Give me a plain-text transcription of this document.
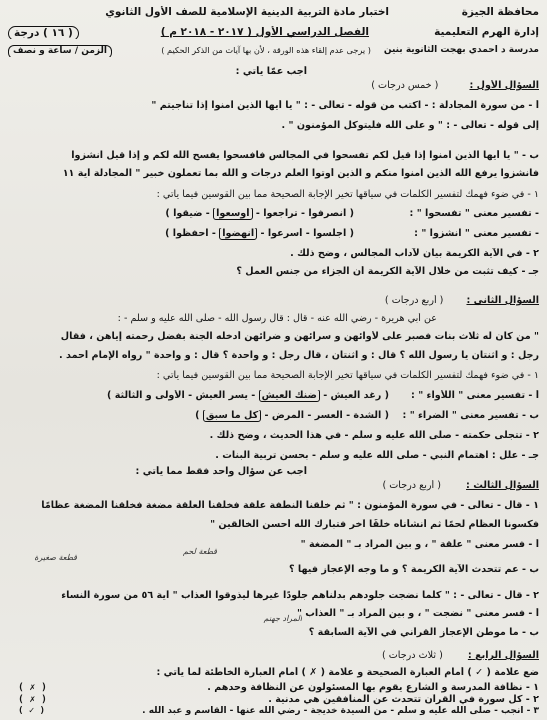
محافظة الجيزة
اختبار مادة التربية الدينية الإسلامية للصف الأول الثانوي
إدارة الهرم التعليمية
الفصل الدراسي الأول ( ٢٠١٧ - ٢٠١٨ م )
( ١٦ ) درجة
مدرسة د أحمدي بهجت الثانوية بنين
( يرجى عدم إلقاء هذه الورقة ، لأن بها آيات من الذكر الحكيم )
الزمن / ساعة و نصف
السؤال الأول : ( خمس درجات )
أجب عمّا يأتي :
أ - من سورة المجادلة : - اكتب من قوله - تعالى - : " يا أيها الذين آمنوا إذا تناجيتم "
إلى قوله - تعالى - : " و على الله فليتوكل المؤمنون " .
ب - " يا أيها الذين آمنوا إذا قيل لكم تفسحوا في المجالس فافسحوا يفسح الله لكم و إذا قيل انشزوا
فانشزوا يرفع الله الذين آمنوا منكم و الذين أوتوا العلم درجات و الله بما تعملون خبير " المجادلة آية ١١
١ - في ضوء فهمك لتفسير الكلمات في سياقها تخير الإجابة الصحيحة مما بين القوسين فيما يأتي :
- تفسير معنى " تفسحوا " :
( انصرفوا - تراجعوا - أوسعوا - ضيقوا )
- تفسير معنى " انشزوا " :
( اجلسوا - أسرعوا - انهضوا - احفظوا )
٢ - في الآية الكريمة بيان لآداب المجالس ، وضح ذلك .
جـ - كيف تثبت من خلال الآية الكريمة أن الجزاء من جنس العمل ؟
السؤال الثاني : ( أربع درجات )
عن أبي هريرة - رضي الله عنه - قال : قال رسول الله - صلى الله عليه و سلم - :
" من كان له ثلاث بنات فصبر على لأوائهن و سرائهن و ضرائهن أدخله الجنة بفضل رحمته إياهن ، فقال
رجل : و اثنتان يا رسول الله ؟ قال : و اثنتان ، قال رجل : و واحدة ؟ قال : و واحدة " رواه الإمام أحمد .
١ - في ضوء فهمك لتفسير الكلمات في سياقها تخير الإجابة الصحيحة مما بين القوسين فيما يأتي :
أ - تفسير معنى " اللأواء " :
( رغد العيش - ضنك العيش - يسر العيش - الأولى و الثالثة )
ب - تفسير معنى " الضراء " :
( الشدة - العسر - المرض - كل ما سبق )
٢ - تتجلى حكمته - صلى الله عليه و سلم - في هذا الحديث ، وضح ذلك .
جـ - علل : اهتمام النبي - صلى الله عليه و سلم - بحسن تربية البنات .
السؤال الثالث : ( أربع درجات )
أجب عن سؤال واحد فقط مما يأتي :
١ - قال - تعالى - في سورة المؤمنون : " ثم خلقنا النطفة علقة فخلقنا العلقة مضغة فخلقنا المضغة عظامًا
فكسونا العظام لحمًا ثم أنشأناه خلقًا آخر فتبارك الله أحسن الخالقين "
أ - فسر معنى " علقة " ، و بين المراد بـ " المضغة "
قطعة لحم
قطعة صغيرة
ب - عم تتحدث الآية الكريمة ؟ و ما وجه الإعجاز فيها ؟
٢ - قال - تعالى - : " كلما نضجت جلودهم بدلناهم جلودًا غيرها ليذوقوا العذاب " آية ٥٦ من سورة النساء
أ - فسر معنى " نضجت " ، و بين المراد بـ " العذاب "
المراد جهنم
ب - ما موطن الإعجاز القرآني في الآية السابقة ؟
السؤال الرابع : ( ثلاث درجات )
ضع علامة ( ✓ ) أمام العبارة الصحيحة و علامة ( ✗ ) أمام العبارة الخاطئة لما يأتي :
١ - نظافة المدرسة و الشارع يقوم بها المسئولون عن النظافة وحدهم .
( ✗ )
٢ - كل سورة في القرآن تتحدث عن المنافقين هي مدنية .
( ✗ )
٣ - أنجب - صلى الله عليه و سلم - من السيدة خديجة - رضي الله عنها - القاسم و عبد الله .
( ✓ )
